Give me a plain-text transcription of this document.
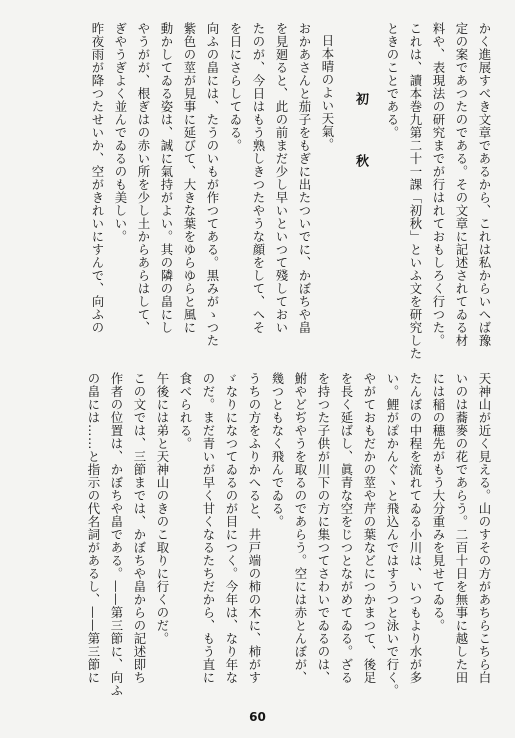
かく進展すべき文章であるから、これは私からいへば豫
定の案であつたのである。その文章に記述されてゐる材
料や、表現法の研究までが行はれておもしろく行つた。
これは、讀本巻九第二十一課「初秋」といふ文を研究した
ときのことである。
初　秋
日本晴のよい天氣。
おかあさんと茄子をもぎに出たついでに、かぼちや畠
を見廻ると、此の前まだ少し早いといつて殘しておい
たのが、今日はもう熟しきつたやうな顔をして、へそ
を日にさらしてゐる。
向ふの畠には、たうのいもが作つてある。黒みがゝつた
紫色の莖が見事に延びて、大きな葉をゆらゆらと風に
動かしてゐる姿は、誠に氣持がよい。其の隣の畠にし
やうがが、根ぎはの赤い所を少し土からあらはして、
ぎやうぎよく並んでゐるのも美しい。
昨夜雨が降つたせいか、空がきれいにすんで、向ふの
天神山が近く見える。山のすその方があちらこちら白
いのは蕎麥の花であらう。二百十日を無事に越した田
には稲の穗先がもう大分重みを見せてゐる。
たんぼの中程を流れてゐる小川は、いつもより水が多
い。鯉がぽかんぐヽと飛込んではすうつと泳いで行く。
やがておもだかの莖や芹の葉などにつかまつて、後足
を長く延ばし、眞青な空をじつとながめてゐる。ざる
を持つた子供が川下の方に集つてさわいでゐるのは、
鮒やどぢやうを取るのであらう。空には赤とんぼが、
幾つともなく飛んでゐる。
うちの方をふりかへると、井戸端の柿の木に、柿がす
ゞなりになつてゐるのが目につく。今年は、なり年な
のだ。まだ青いが早く甘くなるたちだから、もう直に
食べられる。
午後には弟と天神山のきのこ取りに行くのだ。
この文では、三節までは、かぼちや畠からの記述即ち
作者の位置は、かぼちや畠である。——第三節に、向ふ
の畠には……と指示の代名詞があるし、——第三節に
60
